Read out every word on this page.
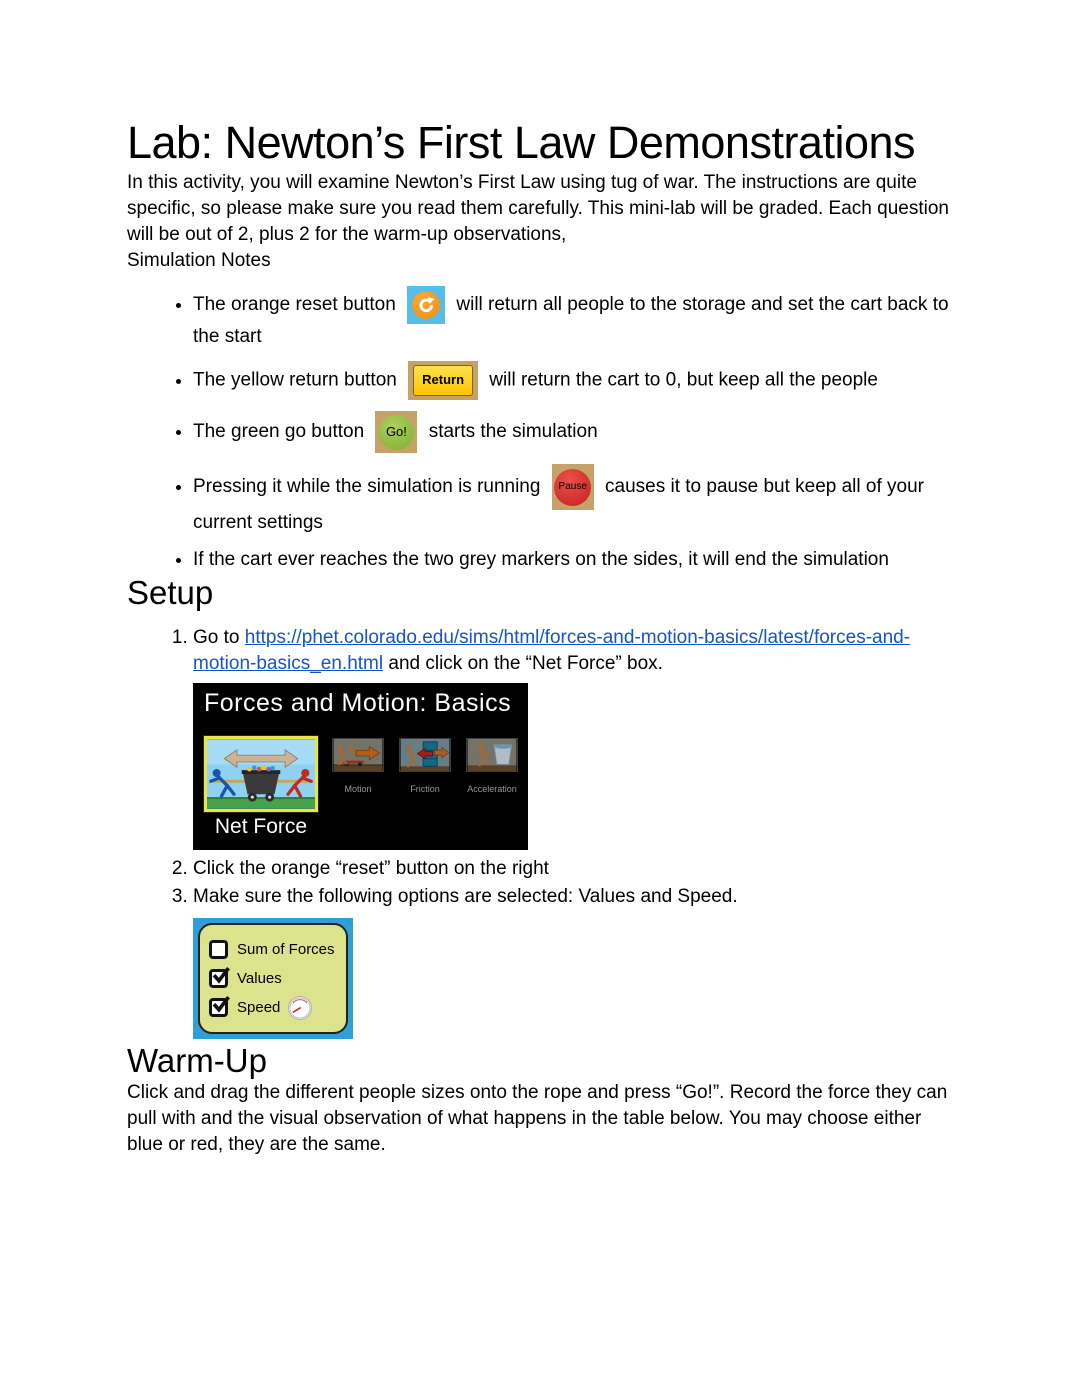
Lab: Newton’s First Law Demonstrations

In this activity, you will examine Newton’s First Law using tug of war. The instructions are quite specific, so please make sure you read them carefully. This mini-lab will be graded. Each question will be out of 2, plus 2 for the warm-up observations,

Simulation Notes

• The orange reset button	will return all people to the storage and set the cart back to the start
• The yellow return button	Return	will return the cart to 0, but keep all the people
• The green go button	Go! starts the simulation
• Pressing it while the simulation is running	Pause causes it to pause but keep all of your current settings
• If the cart ever reaches the two grey markers on the sides, it will end the simulation
Setup
1. Go to https://phet.colorado.edu/sims/html/forces-and-motion-basics/latest/forces-and-motion-basics_en.html and click on the “Net Force” box.
Forces and Motion: Basics
Net Force
Motion	Friction	Acceleration
2. Click the orange “reset” button on the right
3. Make sure the following options are selected: Values and Speed.
Sum of Forces
Values
Speed
Warm-Up

Click and drag the different people sizes onto the rope and press “Go!”. Record the force they can pull with and the visual observation of what happens in the table below. You may choose either blue or red, they are the same.
